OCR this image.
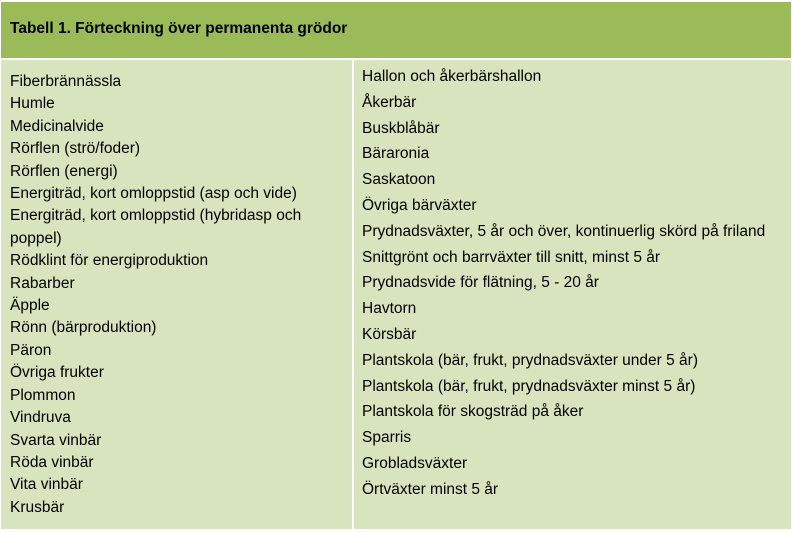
Tabell 1. Förteckning över permanenta grödor
Fiberbrännässla
Humle
Medicinalvide
Rörflen (strö/foder)
Rörflen (energi)
Energiträd, kort omloppstid (asp och vide)
Energiträd, kort omloppstid (hybridasp och poppel)
Rödklint för energiproduktion
Rabarber
Äpple
Rönn (bärproduktion)
Päron
Övriga frukter
Plommon
Vindruva
Svarta vinbär
Röda vinbär
Vita vinbär
Krusbär
Hallon och åkerbärshallon
Åkerbär
Buskblåbär
Bäraronia
Saskatoon
Övriga bärväxter
Prydnadsväxter, 5 år och över, kontinuerlig skörd på friland
Snittgrönt och barrväxter till snitt, minst 5 år
Prydnadsvide för flätning, 5 - 20 år
Havtorn
Körsbär
Plantskola (bär, frukt, prydnadsväxter under 5 år)
Plantskola (bär, frukt, prydnadsväxter minst 5 år)
Plantskola för skogsträd på åker
Sparris
Grobladsväxter
Örtväxter minst 5 år
